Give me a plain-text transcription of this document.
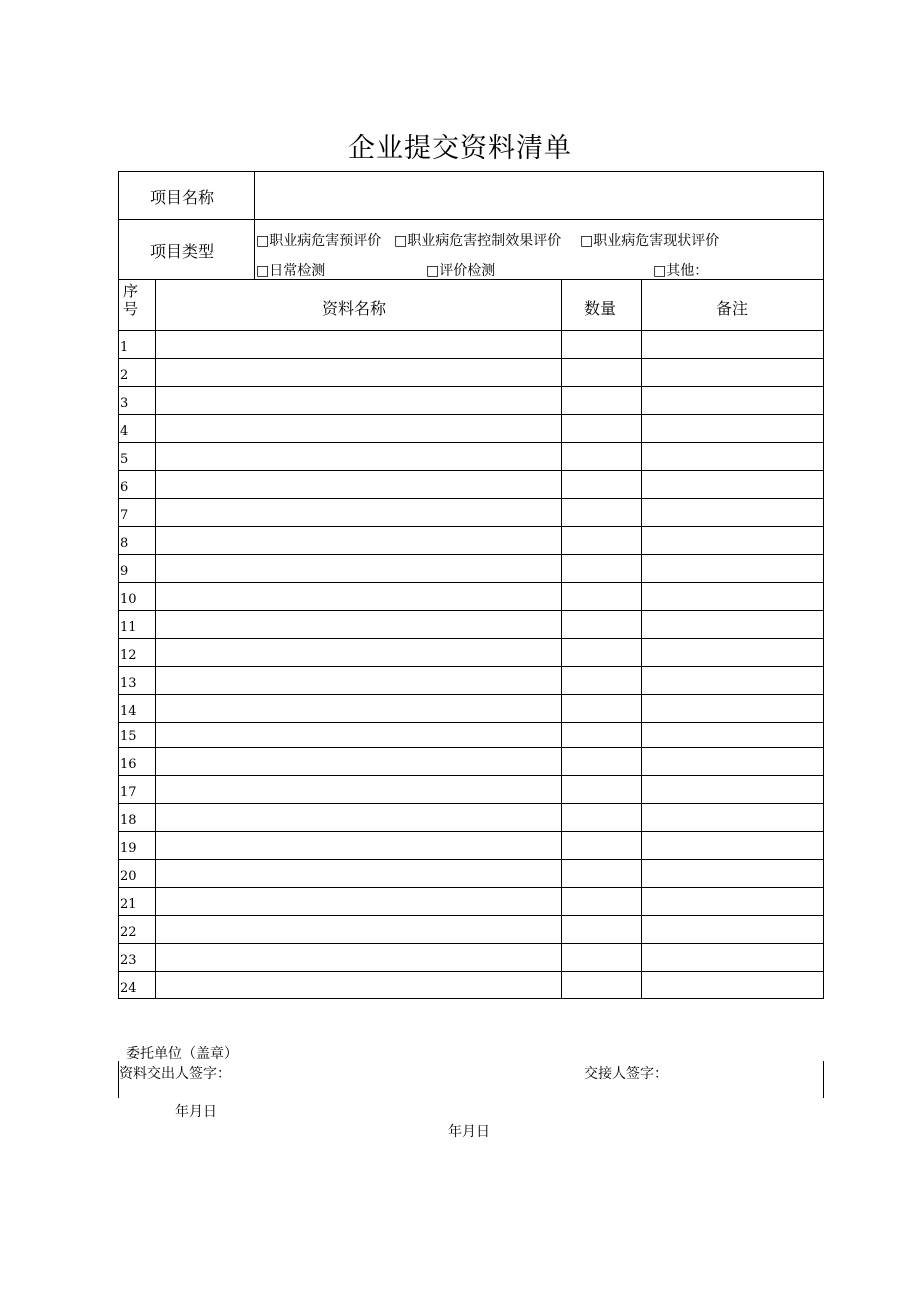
企业提交资料清单
项目名称
项目类型
□职业病危害预评价 □职业病危害控制效果评价 □职业病危害现状评价
□日常检测	□评价检测	□其他：
序
号	资料名称	数量	备注
1
2
3
4
5
6
7
8
9
10
11
12
13
14
15
16
17
18
19
20
21
22
23
24
委托单位（盖章）
资料交出人签字：	交接人签字：
年月日
年月日
